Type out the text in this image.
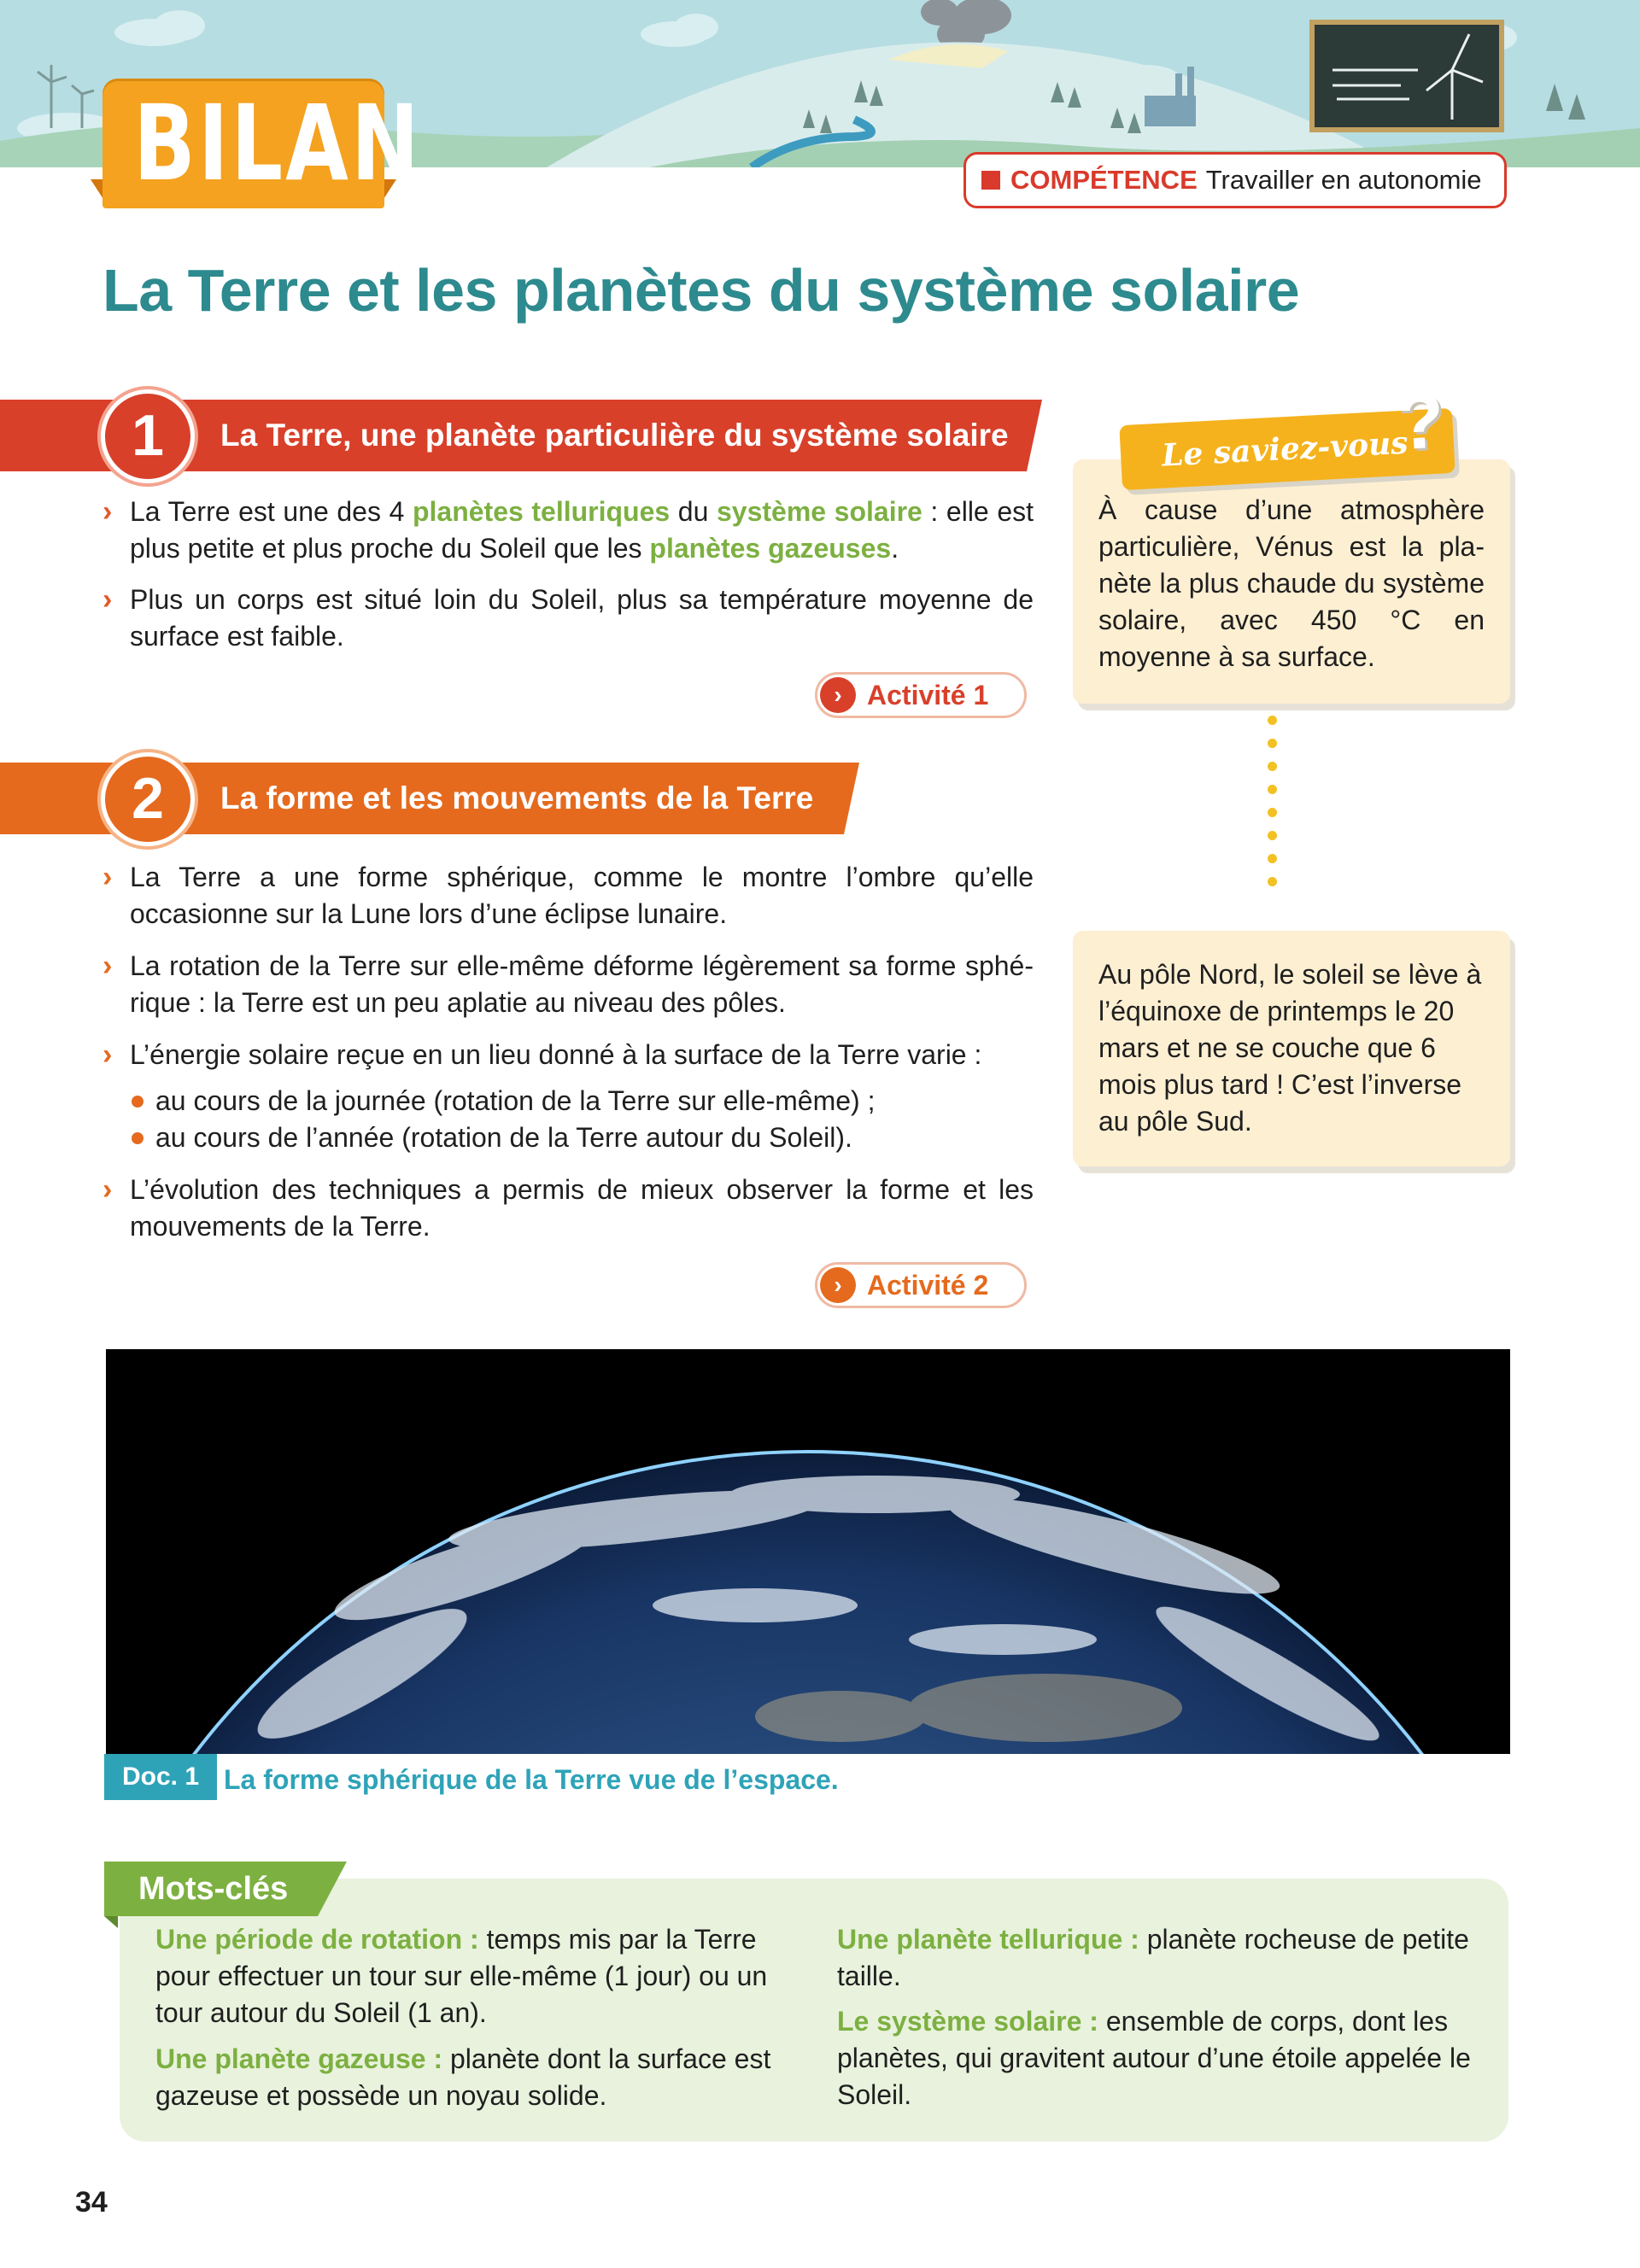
BILAN	COMPÉTENCE Travailler en autonomie
La Terre et les planètes du système solaire
1	La Terre, une planète particulière du système solaire
› La Terre est une des 4 planètes telluriques du système solaire : elle est plus petite et plus proche du Soleil que les planètes gazeuses.
› Plus un corps est situé loin du Soleil, plus sa température moyenne de surface est faible.
› Activité 1
2	La forme et les mouvements de la Terre
› La Terre a une forme sphérique, comme le montre l’ombre qu’elle occasionne sur la Lune lors d’une éclipse lunaire.
› La rotation de la Terre sur elle-même déforme légèrement sa forme sphérique : la Terre est un peu aplatie au niveau des pôles.
› L’énergie solaire reçue en un lieu donné à la surface de la Terre varie :
au cours de la journée (rotation de la Terre sur elle-même) ;
au cours de l’année (rotation de la Terre autour du Soleil).
› L’évolution des techniques a permis de mieux observer la forme et les mouvements de la Terre.
› Activité 2
À cause d’une atmosphère particulière, Vénus est la planète la plus chaude du système solaire, avec 450 °C en moyenne à sa surface.
Le saviez-vous
?
Au pôle Nord, le soleil se lève à l’équinoxe de printemps le 20 mars et ne se couche que 6 mois plus tard ! C’est l’inverse au pôle Sud.
Doc. 1 La forme sphérique de la Terre vue de l’espace.
Mots-clés
Une période de rotation : temps mis par la Terre pour effectuer un tour sur elle-même (1 jour) ou un tour autour du Soleil (1 an).
Une planète gazeuse : planète dont la surface est gazeuse et possède un noyau solide.
Une planète tellurique : planète rocheuse de petite taille.
Le système solaire : ensemble de corps, dont les planètes, qui gravitent autour d’une étoile appelée le Soleil.
34
